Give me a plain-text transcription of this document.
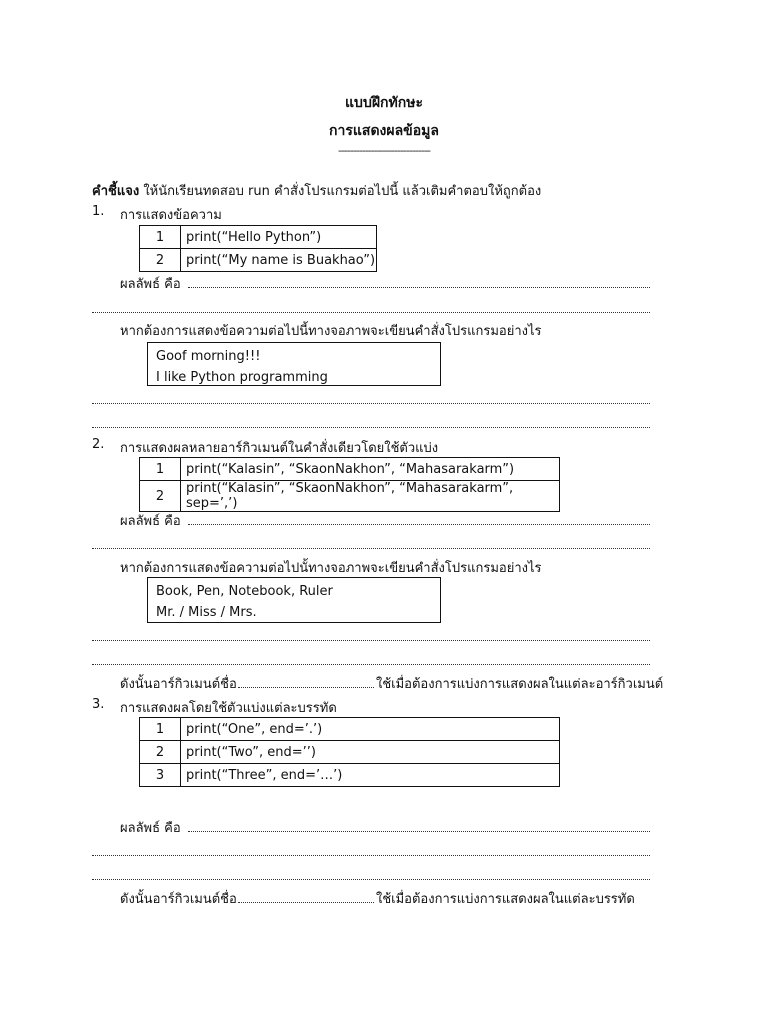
แบบฝึกทักษะ
การแสดงผลข้อมูล
-------------------------------
คำชี้แจง ให้นักเรียนทดสอบ run คำสั่งโปรแกรมต่อไปนี้ แล้วเติมคำตอบให้ถูกต้อง
1. การแสดงข้อความ
1	print(“Hello Python”)
2	print(“My name is Buakhao”)
ผลลัพธ์ คือ
หากต้องการแสดงข้อความต่อไปนี้ทางจอภาพจะเขียนคำสั่งโปรแกรมอย่างไร
Goof morning!!!
I like Python programming
2. การแสดงผลหลายอาร์กิวเมนต์ในคำสั่งเดียวโดยใช้ตัวแบ่ง
1	print(“Kalasin”, “SkaonNakhon”, “Mahasarakarm”)
2	print(“Kalasin”, “SkaonNakhon”, “Mahasarakarm”, sep=’,’)
ผลลัพธ์ คือ
หากต้องการแสดงข้อความต่อไปนั้ทางจอภาพจะเขียนคำสั่งโปรแกรมอย่างไร
Book, Pen, Notebook, Ruler
Mr. / Miss / Mrs.
ดังนั้นอาร์กิวเมนต์ชื่อ	ใช้เมื่อต้องการแบ่งการแสดงผลในแต่ละอาร์กิวเมนต์
3. การแสดงผลโดยใช้ตัวแบ่งแต่ละบรรทัด
1	print(“One”, end=’.’)
2	print(“Two”, end=’’)
3	print(“Three”, end=’…’)
ผลลัพธ์ คือ
ดังนั้นอาร์กิวเมนต์ชื่อ	ใช้เมื่อต้องการแบ่งการแสดงผลในแต่ละบรรทัด
